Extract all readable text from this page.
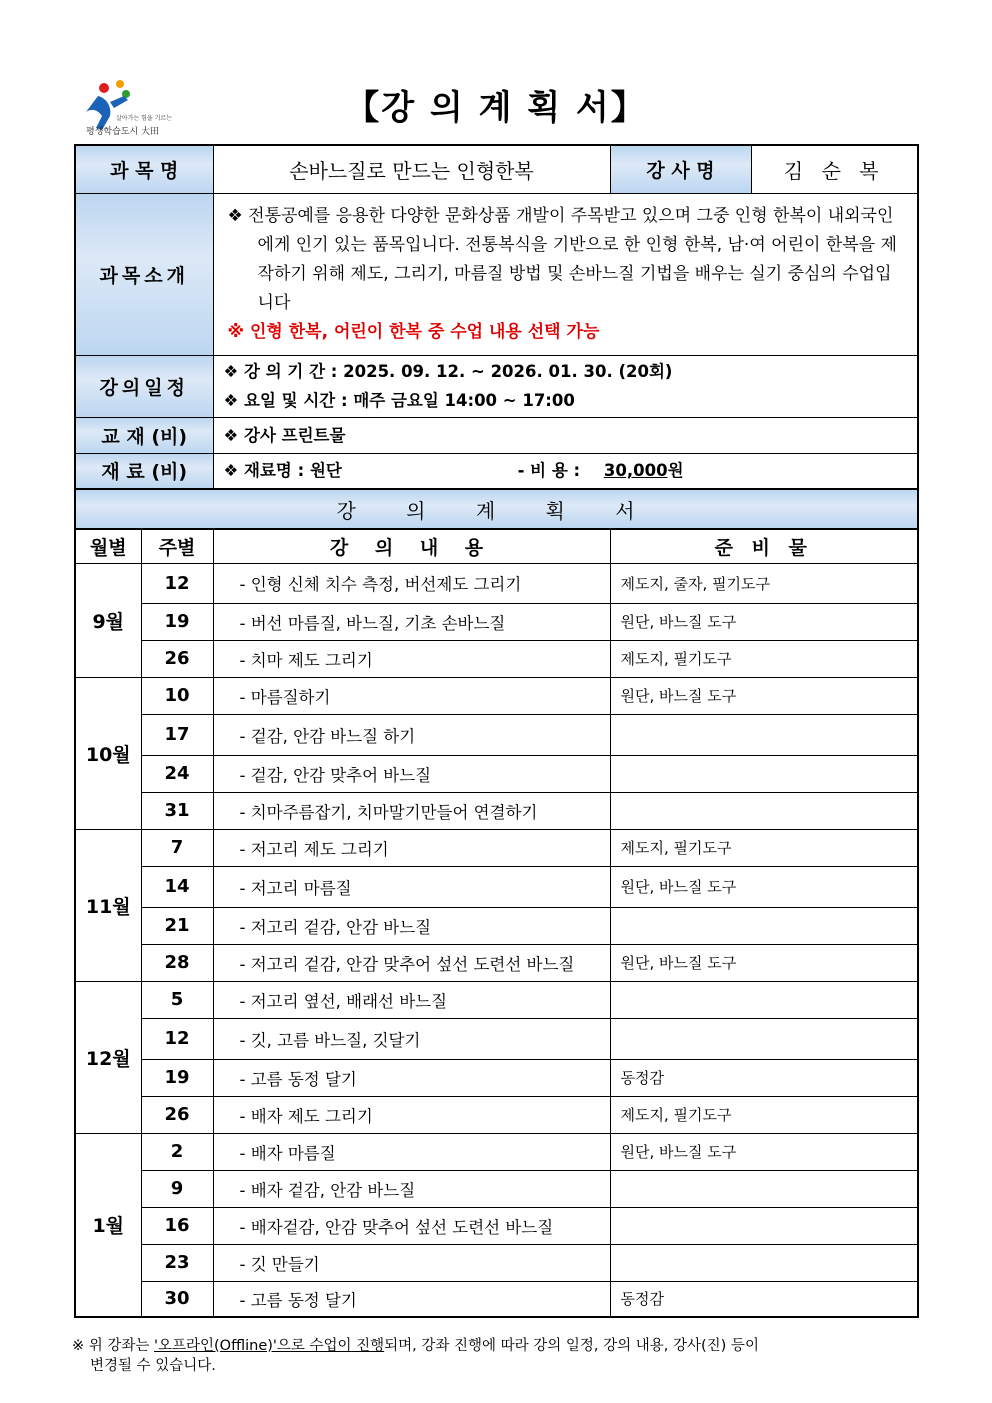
살아가는 힘을 기르는
평생학습도시 大田
【강 의 계 획 서】
과 목 명		손바느질로 만드는 인형한복	강 사 명	김 순 복
과목소개		❖ 전통공예를 응용한 다양한 문화상품 개발이 주목받고 있으며 그중 인형 한복이 내외국인에게 인기 있는 품목입니다. 전통복식을 기반으로 한 인형 한복, 남·여 어린이 한복을 제작하기 위해 제도, 그리기, 마름질 방법 및 손바느질 기법을 배우는 실기 중심의 수업입니다
※ 인형 한복, 어린이 한복 중 수업 내용 선택 가능		
강의일정		❖ 강 의 기 간 : 2025. 09. 12. ~ 2026. 01. 30. (20회)
❖ 요일 및 시간 : 매주 금요일 14:00 ~ 17:00		

교 재 (비)		❖ 강사 프린트물		
재 료 (비)		❖ 재료명 : 원단 - 비 용 : 30,000원		
강 의 계 획 서				
월별	주별	강 의 내 용	준 비 물	
9월	12	- 인형 신체 치수 측정, 버선제도 그리기	제도지, 줄자, 필기도구	
	19	- 버선 마름질, 바느질, 기초 손바느질	원단, 바느질 도구	
	26	- 치마 제도 그리기	제도지, 필기도구	
10월	10	- 마름질하기	원단, 바느질 도구	
	17	- 겉감, 안감 바느질 하기		
	24	- 겉감, 안감 맞추어 바느질		
	31	- 치마주름잡기, 치마말기만들어 연결하기		
11월	7	- 저고리 제도 그리기	제도지, 필기도구	
	14	- 저고리 마름질	원단, 바느질 도구	
	21	- 저고리 겉감, 안감 바느질		
	28	- 저고리 겉감, 안감 맞추어 섶선 도련선 바느질	원단, 바느질 도구	
12월	5	- 저고리 옆선, 배래선 바느질		
	12	- 깃, 고름 바느질, 깃달기		
	19	- 고름 동정 달기	동정감	
	26	- 배자 제도 그리기	제도지, 필기도구	
1월	2	- 배자 마름질	원단, 바느질 도구	
	9	- 배자 겉감, 안감 바느질		
	16	- 배자겉감, 안감 맞추어 섶선 도련선 바느질		
	23	- 깃 만들기		
	30	- 고름 동정 달기	동정감	
※ 위 강좌는 '오프라인(Offline)'으로 수업이 진행되며, 강좌 진행에 따라 강의 일정, 강의 내용, 강사(진) 등이
변경될 수 있습니다.
